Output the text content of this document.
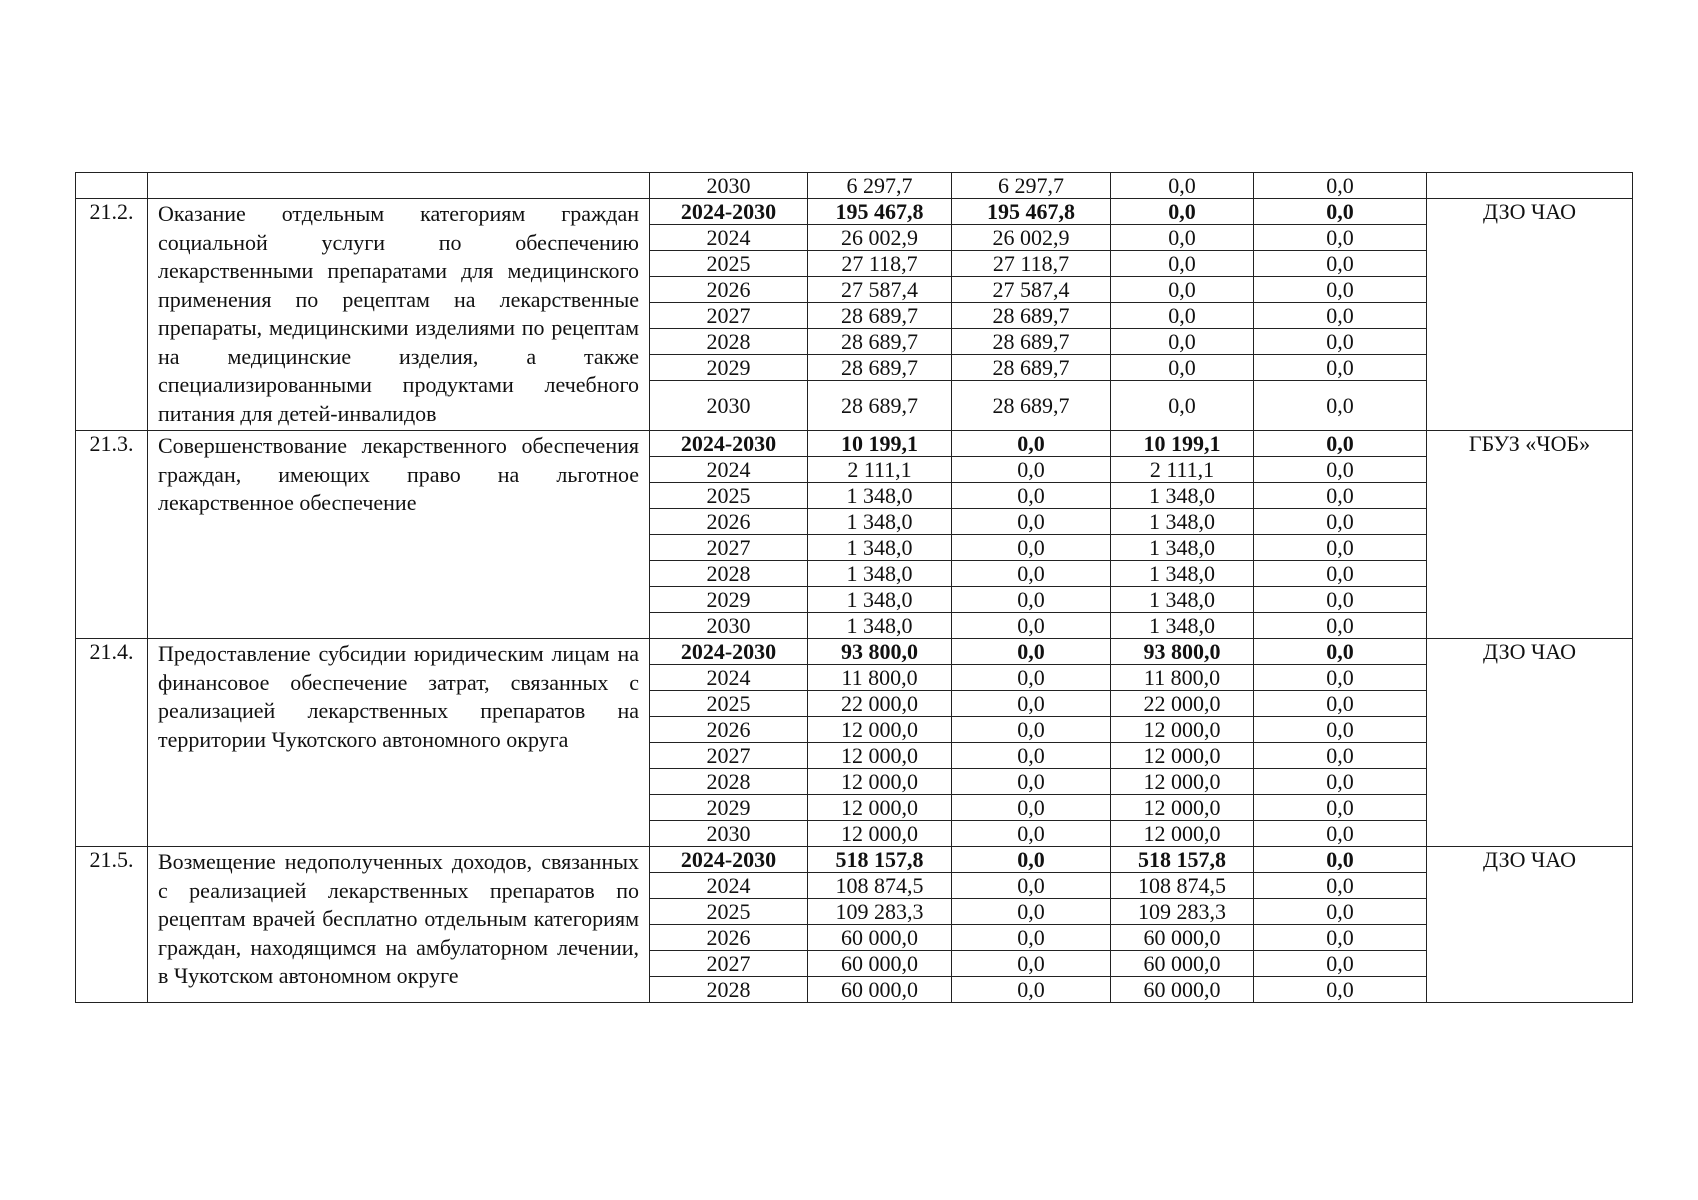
		2030	6 297,7	6 297,7	0,0	0,0	
21.2.	Оказание отдельным категориям граждан социальной услуги по обеспечению лекарственными препаратами для медицинского применения по рецептам на лекарственные препараты, медицинскими изделиями по рецептам на медицинские изделия, а также специализированными продуктами лечебного питания для детей-инвалидов	2024-2030	195 467,8	195 467,8	0,0	0,0	ДЗО ЧАО
		2024	26 002,9	26 002,9	0,0	0,0	
		2025	27 118,7	27 118,7	0,0	0,0	
		2026	27 587,4	27 587,4	0,0	0,0	
		2027	28 689,7	28 689,7	0,0	0,0	
		2028	28 689,7	28 689,7	0,0	0,0	
		2029	28 689,7	28 689,7	0,0	0,0	
		2030	28 689,7	28 689,7	0,0	0,0	
21.3.	Совершенствование лекарственного обеспечения граждан, имеющих право на льготное лекарственное обеспечение	2024-2030	10 199,1	0,0	10 199,1	0,0	ГБУЗ «ЧОБ»
		2024	2 111,1	0,0	2 111,1	0,0	
		2025	1 348,0	0,0	1 348,0	0,0	
		2026	1 348,0	0,0	1 348,0	0,0	
		2027	1 348,0	0,0	1 348,0	0,0	
		2028	1 348,0	0,0	1 348,0	0,0	
		2029	1 348,0	0,0	1 348,0	0,0	
		2030	1 348,0	0,0	1 348,0	0,0	
21.4.	Предоставление субсидии юридическим лицам на финансовое обеспечение затрат, связанных с реализацией лекарственных препаратов на территории Чукотского автономного округа	2024-2030	93 800,0	0,0	93 800,0	0,0	ДЗО ЧАО
		2024	11 800,0	0,0	11 800,0	0,0	
		2025	22 000,0	0,0	22 000,0	0,0	
		2026	12 000,0	0,0	12 000,0	0,0	
		2027	12 000,0	0,0	12 000,0	0,0	
		2028	12 000,0	0,0	12 000,0	0,0	
		2029	12 000,0	0,0	12 000,0	0,0	
		2030	12 000,0	0,0	12 000,0	0,0	
21.5.	Возмещение недополученных доходов, связанных с реализацией лекарственных препаратов по рецептам врачей бесплатно отдельным категориям граждан, находящимся на амбулаторном лечении, в Чукотском автономном округе	2024-2030	518 157,8	0,0	518 157,8	0,0	ДЗО ЧАО
		2024	108 874,5	0,0	108 874,5	0,0	
		2025	109 283,3	0,0	109 283,3	0,0	
		2026	60 000,0	0,0	60 000,0	0,0	
		2027	60 000,0	0,0	60 000,0	0,0	
		2028	60 000,0	0,0	60 000,0	0,0	
